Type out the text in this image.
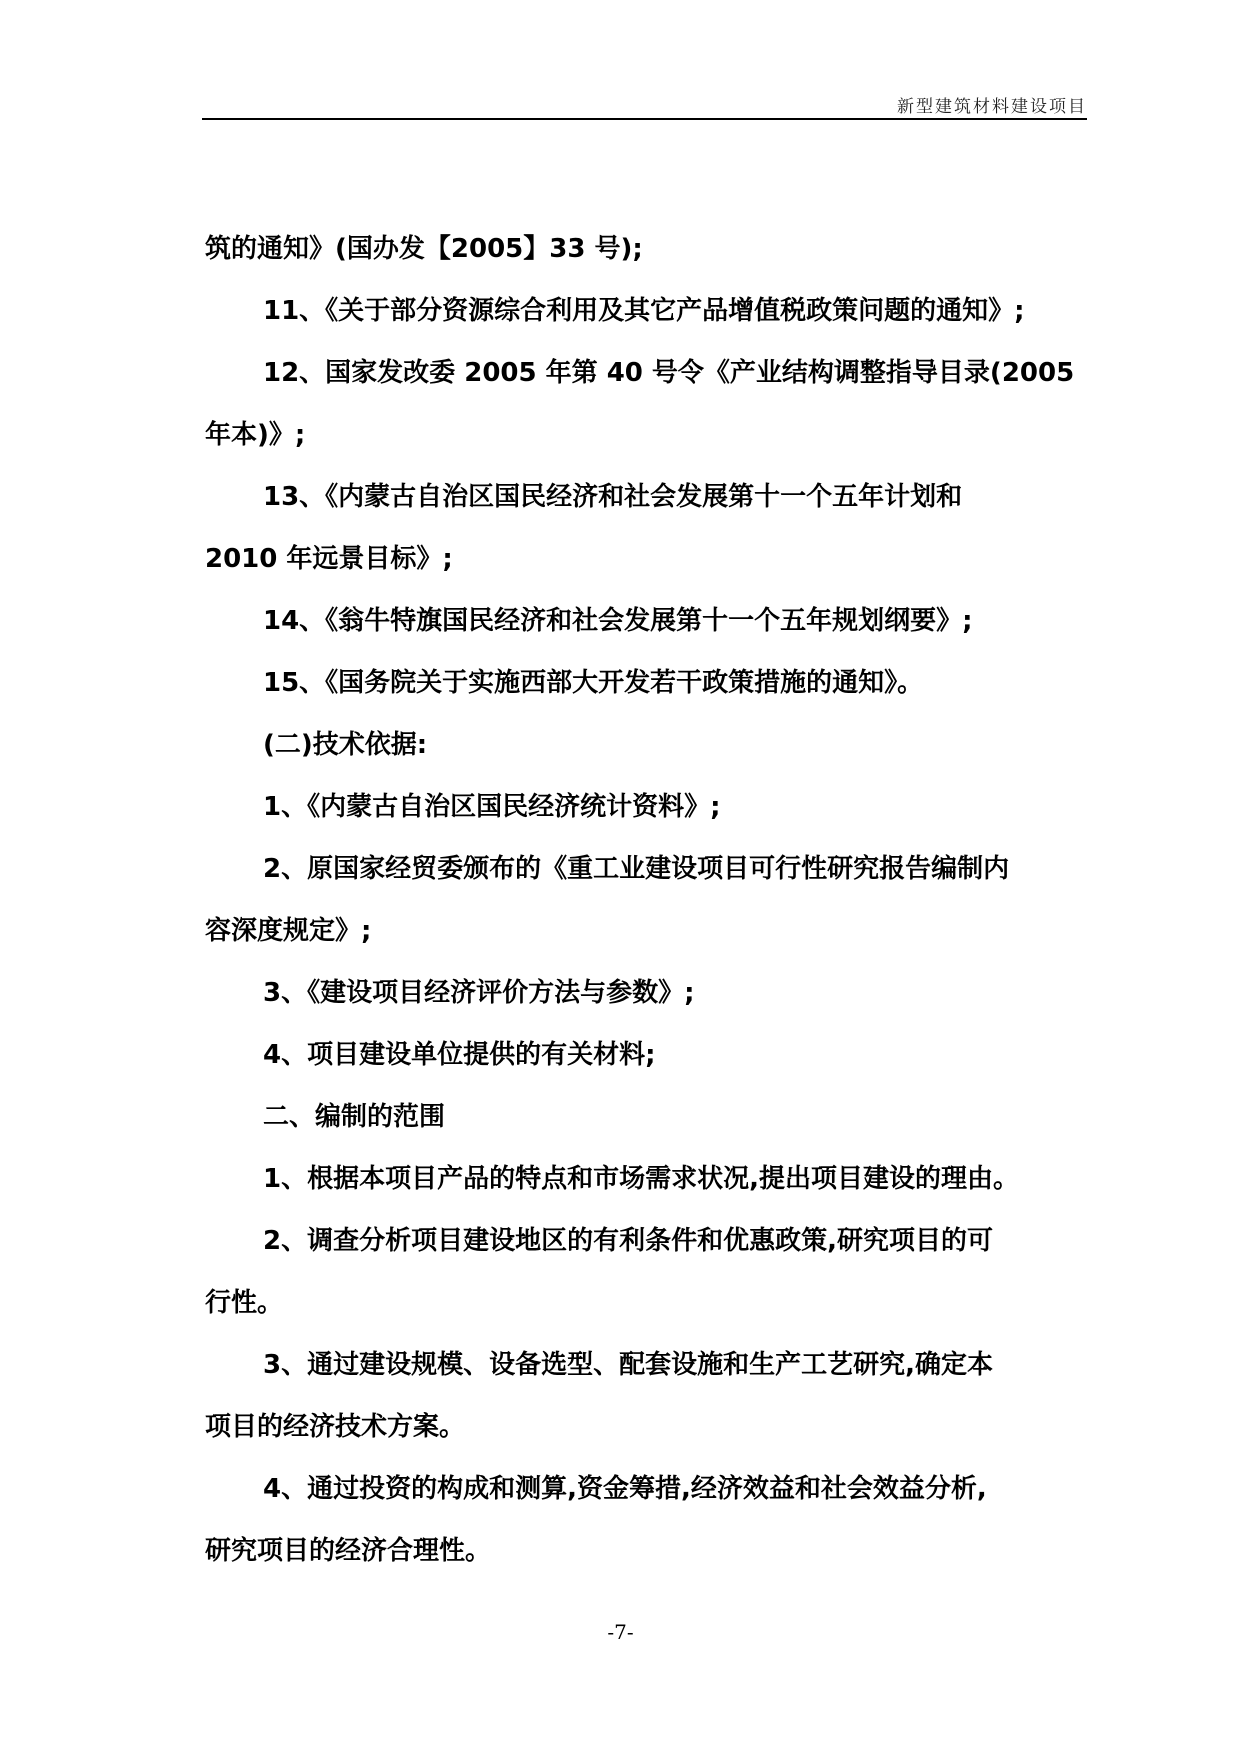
新型建筑材料建设项目
筑的通知》(国办发【2005】33 号);
11、《关于部分资源综合利用及其它产品增值税政策问题的通知》;
12、国家发改委 2005 年第 40 号令《产业结构调整指导目录(2005
年本)》;
13、《内蒙古自治区国民经济和社会发展第十一个五年计划和
2010 年远景目标》;
14、《翁牛特旗国民经济和社会发展第十一个五年规划纲要》;
15、《国务院关于实施西部大开发若干政策措施的通知》。
(二)技术依据:
1、《内蒙古自治区国民经济统计资料》;
2、原国家经贸委颁布的《重工业建设项目可行性研究报告编制内
容深度规定》;
3、《建设项目经济评价方法与参数》;
4、项目建设单位提供的有关材料;
二、编制的范围
1、根据本项目产品的特点和市场需求状况,提出项目建设的理由。
2、调查分析项目建设地区的有利条件和优惠政策,研究项目的可
行性。
3、通过建设规模、设备选型、配套设施和生产工艺研究,确定本
项目的经济技术方案。
4、通过投资的构成和测算,资金筹措,经济效益和社会效益分析,
研究项目的经济合理性。
-7-
